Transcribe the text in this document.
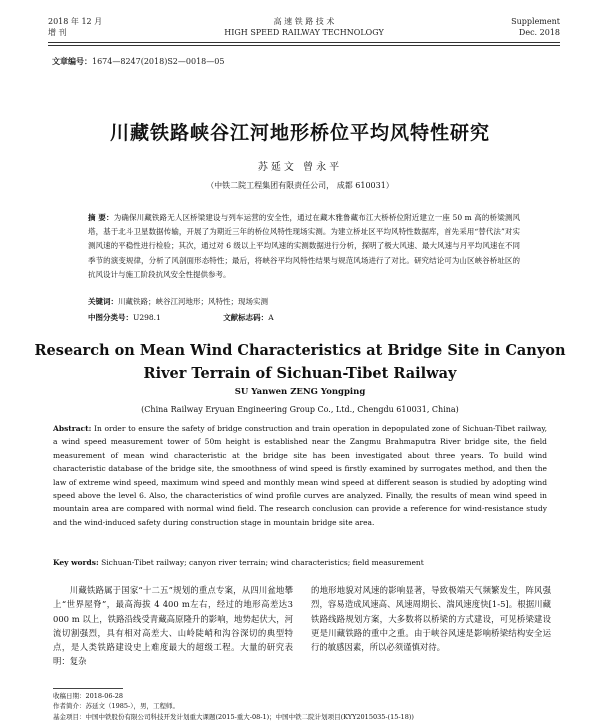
2018 年 12 月
增 刊
高 速 铁 路 技 术
HIGH SPEED RAILWAY TECHNOLOGY
Supplement
Dec. 2018
文章编号：1674—8247(2018)S2—0018—05
川藏铁路峡谷江河地形桥位平均风特性研究
苏延文 曾永平
（中铁二院工程集团有限责任公司， 成都 610031）
摘 要：为确保川藏铁路无人区桥梁建设与列车运营的安全性，通过在藏木雅鲁藏布江大桥桥位附近建立一座 50 m 高的桥梁测风塔，基于北斗卫星数据传输，开展了为期近三年的桥位风特性现场实测。为建立桥址区平均风特性数据库，首先采用“替代法”对实测风速的平稳性进行检验；其次，通过对 6 级以上平均风速的实测数据进行分析，探明了极大风速、最大风速与月平均风速在不同季节的演变规律，分析了风剖面形态特性；最后，将峡谷平均风特性结果与规范风场进行了对比。研究结论可为山区峡谷桥址区的抗风设计与施工阶段抗风安全性提供参考。
关键词：川藏铁路；峡谷江河地形；风特性；现场实测
中图分类号：U298.1	文献标志码：A
Research on Mean Wind Characteristics at Bridge Site in Canyon
River Terrain of Sichuan-Tibet Railway
SU Yanwen ZENG Yongping
(China Railway Eryuan Engineering Group Co., Ltd., Chengdu 610031, China)
Abstract: In order to ensure the safety of bridge construction and train operation in depopulated zone of Sichuan-Tibet railway, a wind speed measurement tower of 50m height is established near the Zangmu Brahmaputra River bridge site, the field measurement of mean wind characteristic at the bridge site has been investigated about three years. To build wind characteristic database of the bridge site, the smoothness of wind speed is firstly examined by surrogates method, and then the law of extreme wind speed, maximum wind speed and monthly mean wind speed at different season is studied by adopting wind speed above the level 6. Also, the characteristics of wind profile curves are analyzed. Finally, the results of mean wind speed in mountain area are compared with normal wind field. The research conclusion can provide a reference for wind-resistance study and the wind-induced safety during construction stage in mountain bridge site area.
Key words: Sichuan-Tibet railway; canyon river terrain; wind characteristics; field measurement
川藏铁路属于国家“十二五”规划的重点专案，从四川盆地攀上“世界屋脊”，最高海拔 4 400 m左右，经过的地形高差达3 000 m 以上，铁路沿线受青藏高原隆升的影响，地势起伏大，河流切割强烈，具有相对高差大、山岭陡峭和沟谷深切的典型特点，是人类铁路建设史上难度最大的超级工程。大量的研究表明：复杂
的地形地貌对风速的影响显著，导致极端天气频繁发生，阵风强烈，容易造成风速高、风速周期长、湍风速度快[1-5]。根据川藏铁路线路规划方案，大多数将以桥梁的方式建设，可见桥梁建设更是川藏铁路的重中之重。由于峡谷风速是影响桥梁结构安全运行的敏感因素，所以必须谨慎对待。
收稿日期：2018-06-28
作者简介：苏延文（1985-），男，工程师。
基金项目：中国中铁股份有限公司科技开发计划重大课题(2015-重大-08-1)；中国中铁二院计划项目(KYY2015035-(15-18))
